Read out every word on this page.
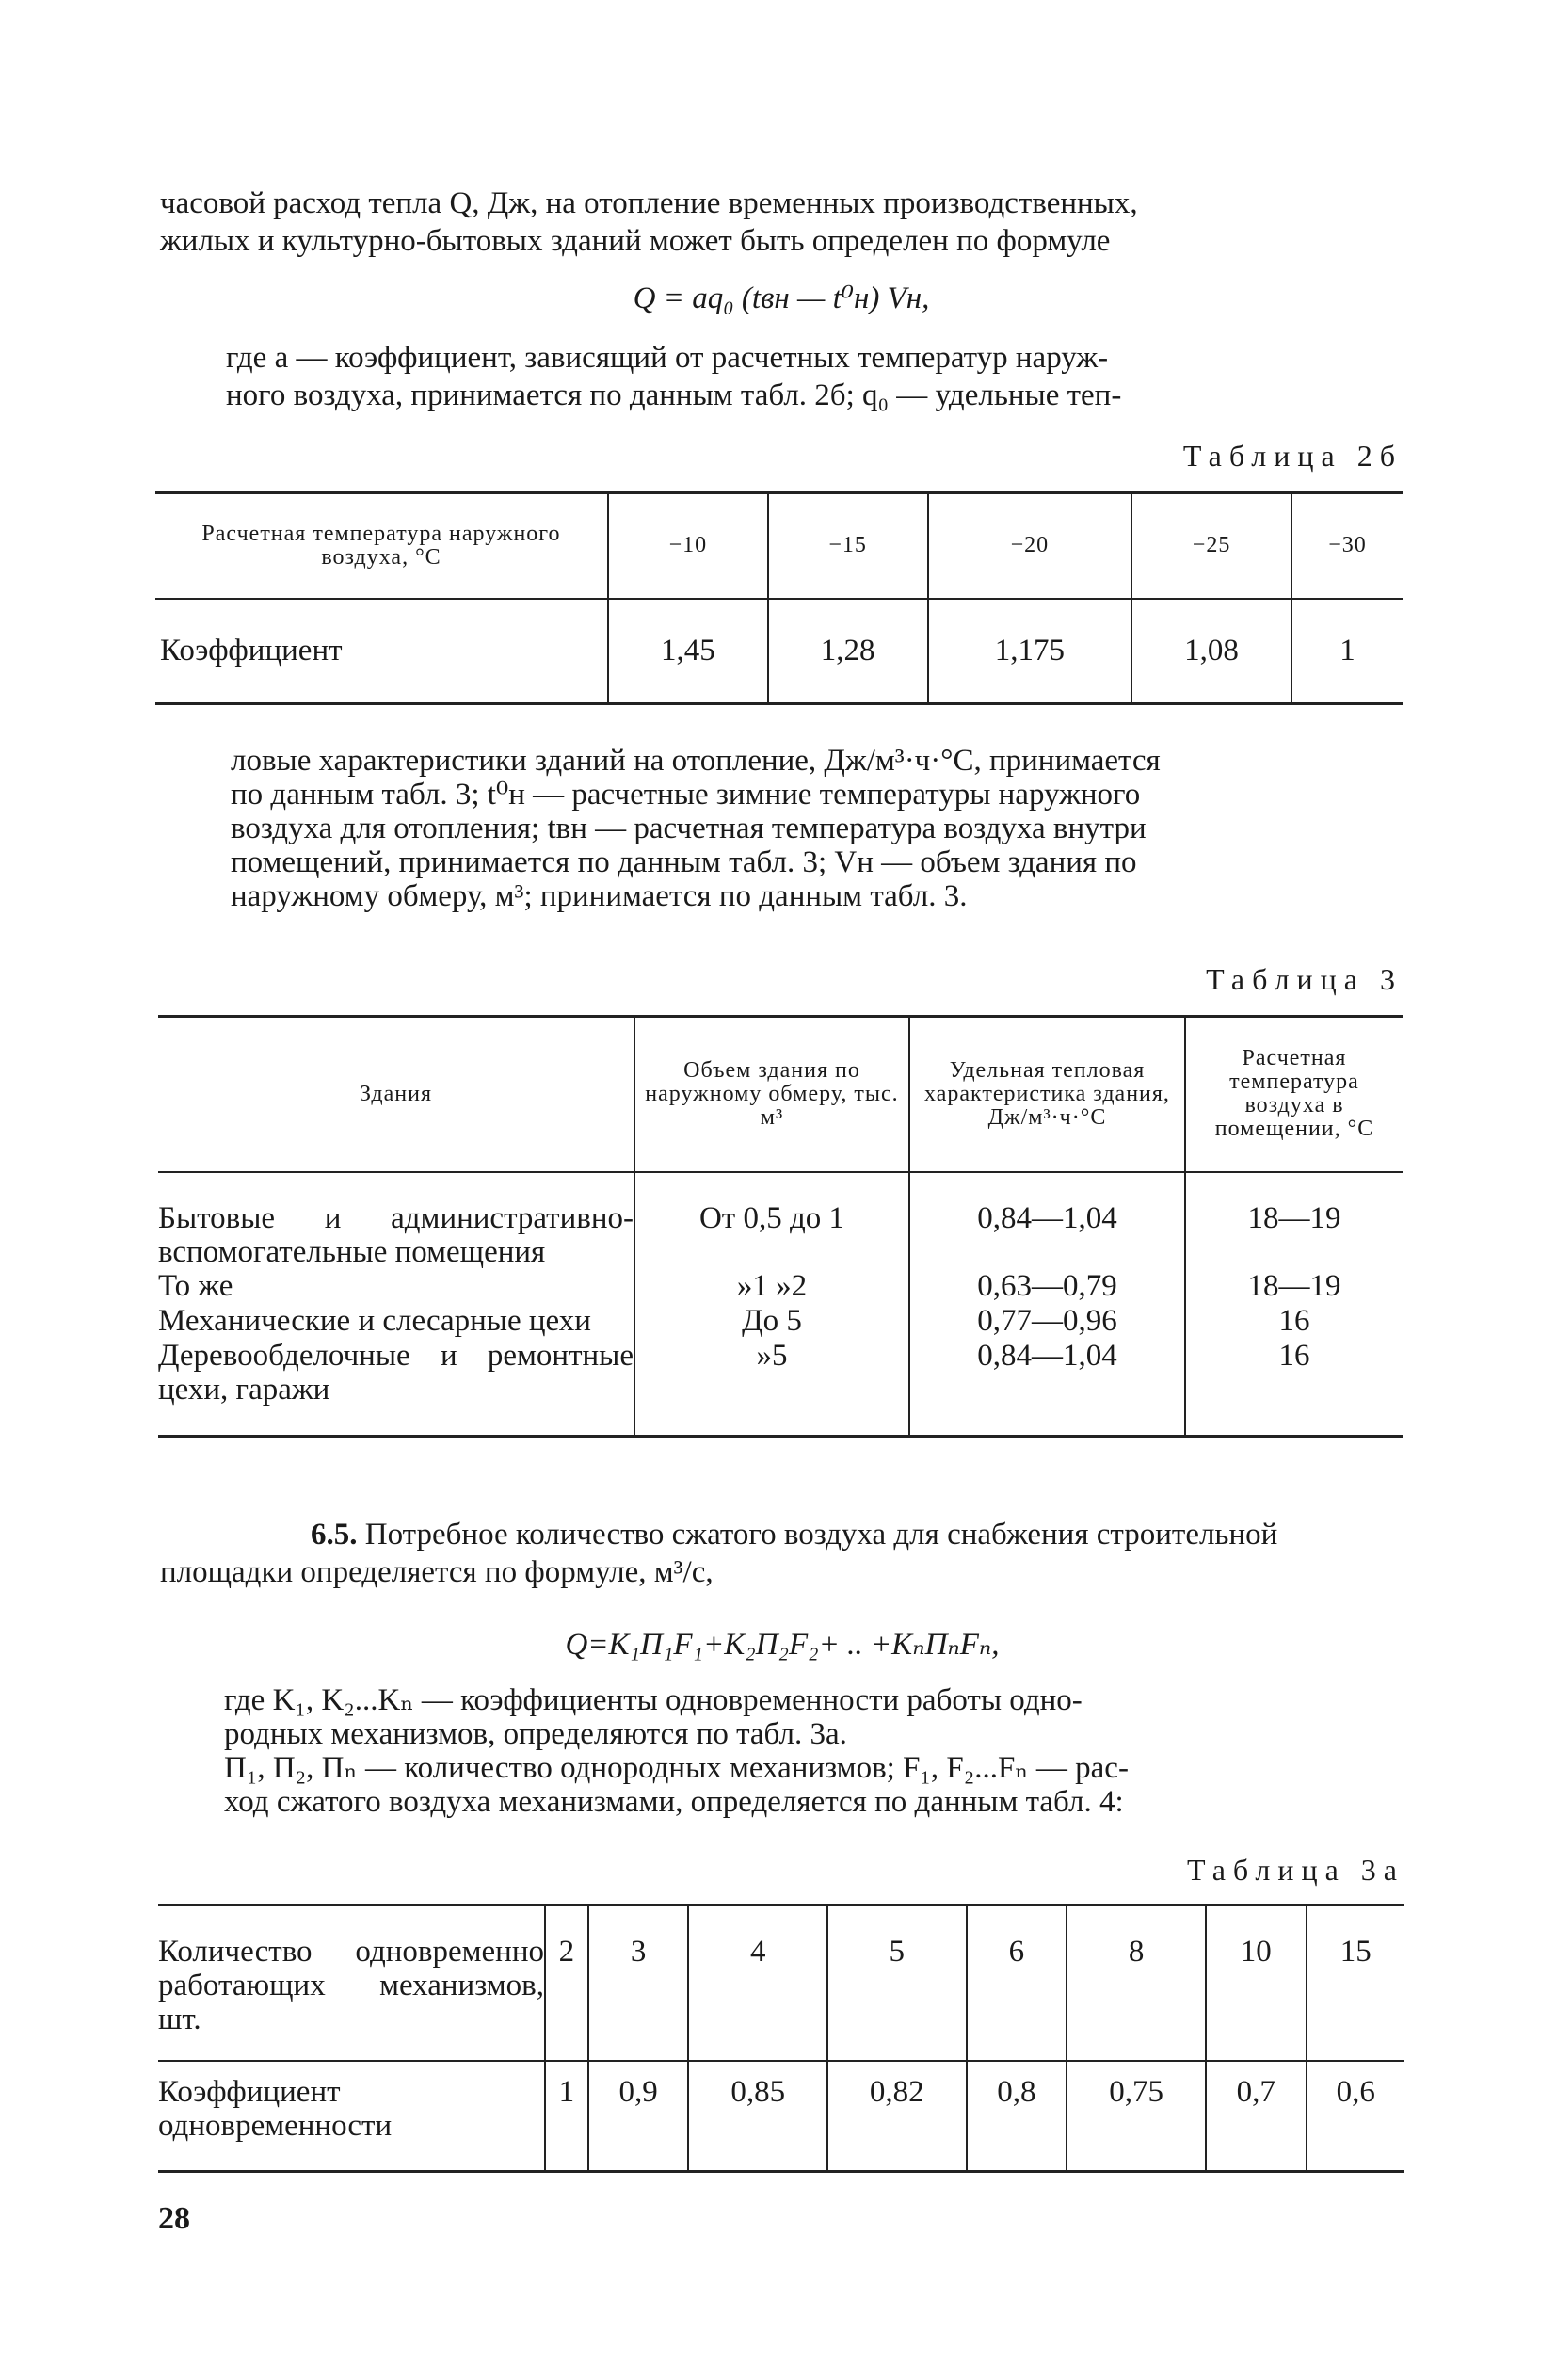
часовой расход тепла Q, Дж, на отопление временных производственных,

жилых и культурно-бытовых зданий может быть определен по формуле

Q = aq₀ (tвн — t⁰н) Vн,

где a — коэффициент, зависящий от расчетных температур наруж-

ного воздуха, принимается по данным табл. 2б; q₀ — удельные теп-

Таблица 2б
Расчетная температура наружного воздуха, °C	−10	−15	−20	−25	−30
Коэффициент	1,45	1,28	1,175	1,08	1

ловые характеристики зданий на отопление, Дж/м³·ч·°C, принимается

по данным табл. 3; t⁰н — расчетные зимние температуры наружного

воздуха для отопления; tвн — расчетная температура воздуха внутри

помещений, принимается по данным табл. 3; Vн — объем здания по

наружному обмеру, м³; принимается по данным табл. 3.

Таблица 3
Здания	Объем здания по наружному обмеру, тыс. м³	Удельная тепловая характеристика здания, Дж/м³·ч·°C	Расчетная температура воздуха в помещении, °C
Бытовые и административно-вспомогательные помещения	От 0,5 до 1	0,84—1,04	18—19
То же	»1 »2	0,63—0,79	18—19
Механические и слесарные цехи	До 5	0,77—0,96	16
Деревообделочные и ремонтные цехи, гаражи	»5	0,84—1,04	16

6.5. Потребное количество сжатого воздуха для снабжения строительной

площадки определяется по формуле, м³/с,

Q=K₁П₁F₁+K₂П₂F₂+ .. +KₙПₙFₙ,

где K₁, K₂...Kₙ — коэффициенты одновременности работы одно-

родных механизмов, определяются по табл. 3а.

П₁, П₂, Пₙ — количество однородных механизмов; F₁, F₂...Fₙ — рас-

ход сжатого воздуха механизмами, определяется по данным табл. 4:

Таблица 3а
Количество одновременно работающих механизмов, шт.	2	3	4	5	6	8	10	15
Коэффициент одновременности	1	0,9	0,85	0,82	0,8	0,75	0,7	0,6
28
